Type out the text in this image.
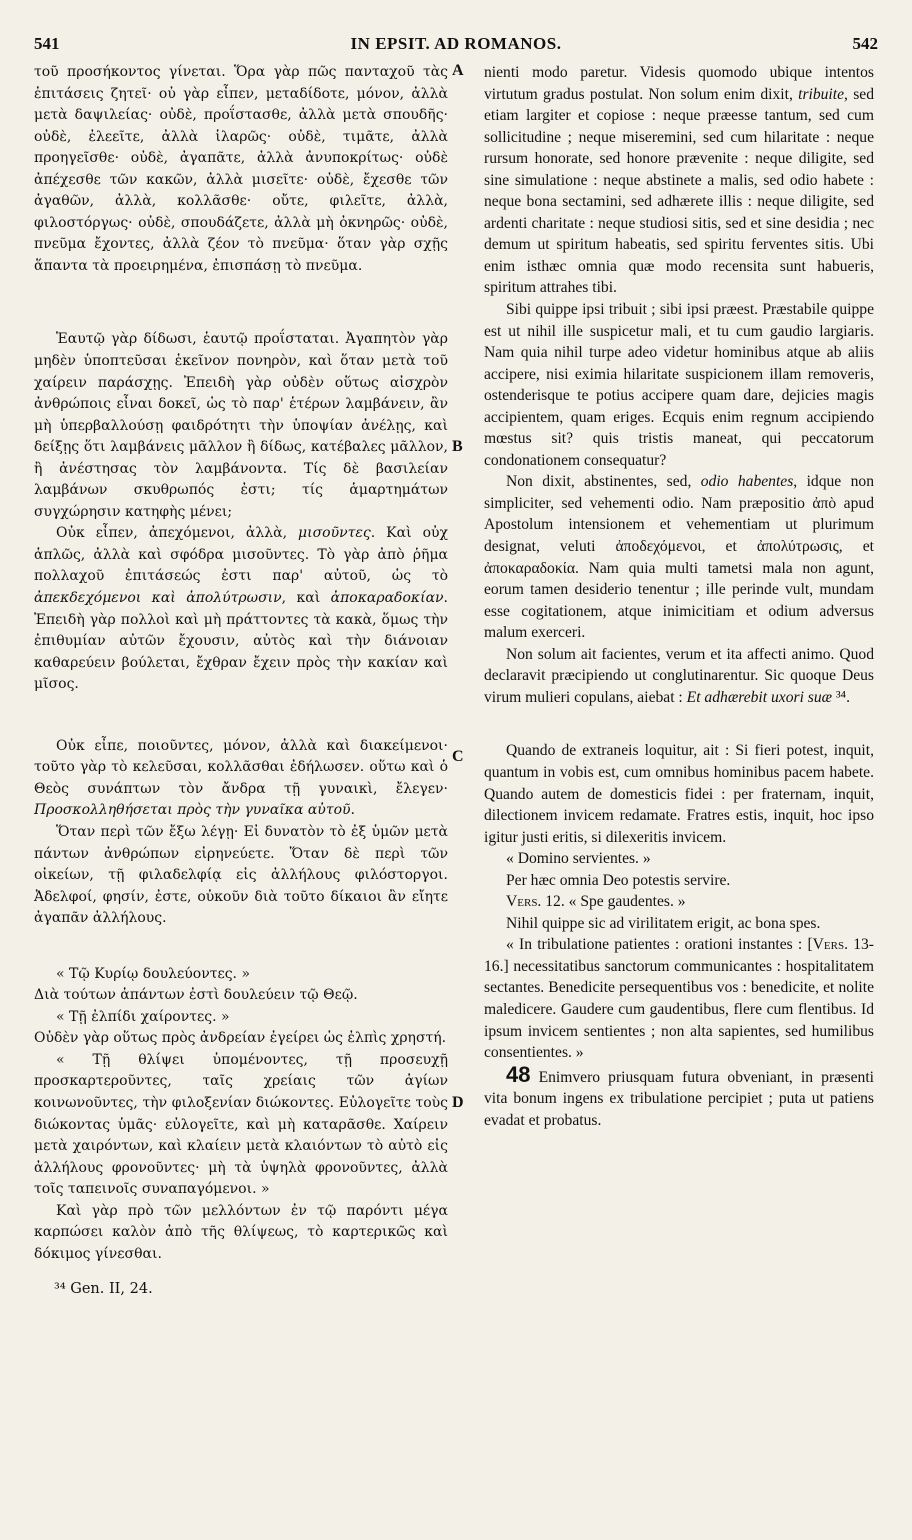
541	IN EPSIT. AD ROMANOS.	542
A
B
C
D

τοῦ προσήκοντος γίνεται. Ὅρα γὰρ πῶς πανταχοῦ τὰς ἐπιτάσεις ζητεῖ· οὐ γὰρ εἶπεν, μεταδίδοτε, μόνον, ἀλλὰ μετὰ δαψιλείας· οὐδὲ, προΐστασθε, ἀλλὰ μετὰ σπουδῆς· οὐδὲ, ἐλεεῖτε, ἀλλὰ ἱλαρῶς· οὐδὲ, τιμᾶτε, ἀλλὰ προηγεῖσθε· οὐδὲ, ἀγαπᾶτε, ἀλλὰ ἀνυποκρίτως· οὐδὲ ἀπέχεσθε τῶν κακῶν, ἀλλὰ μισεῖτε· οὐδὲ, ἔχεσθε τῶν ἀγαθῶν, ἀλλὰ, κολλᾶσθε· οὔτε, φιλεῖτε, ἀλλὰ, φιλοστόργως· οὐδὲ, σπουδάζετε, ἀλλὰ μὴ ὀκνηρῶς· οὐδὲ, πνεῦμα ἔχοντες, ἀλλὰ ζέον τὸ πνεῦμα· ὅταν γὰρ σχῇς ἅπαντα τὰ προειρημένα, ἐπισπάσῃ τὸ πνεῦμα.

Ἑαυτῷ γὰρ δίδωσι, ἑαυτῷ προΐσταται. Ἀγαπητὸν γὰρ μηδὲν ὑποπτεῦσαι ἐκεῖνον πονηρὸν, καὶ ὅταν μετὰ τοῦ χαίρειν παράσχῃς. Ἐπειδὴ γὰρ οὐδὲν οὕτως αἰσχρὸν ἀνθρώποις εἶναι δοκεῖ, ὡς τὸ παρ' ἑτέρων λαμβάνειν, ἂν μὴ ὑπερβαλλούσῃ φαιδρότητι τὴν ὑποψίαν ἀνέλῃς, καὶ δείξῃς ὅτι λαμβάνεις μᾶλλον ἢ δίδως, κατέβαλες μᾶλλον, ἢ ἀνέστησας τὸν λαμβάνοντα. Τίς δὲ βασιλείαν λαμβάνων σκυθρωπός ἐστι; τίς ἁμαρτημάτων συγχώρησιν κατηφὴς μένει;

Οὐκ εἶπεν, ἀπεχόμενοι, ἀλλὰ, μισοῦντες. Καὶ οὐχ ἁπλῶς, ἀλλὰ καὶ σφόδρα μισοῦντες. Τὸ γὰρ ἀπὸ ῥῆμα πολλαχοῦ ἐπιτάσεώς ἐστι παρ' αὐτοῦ, ὡς τὸ ἀπεκδεχόμενοι καὶ ἀπολύτρωσιν, καὶ ἀποκαραδοκίαν. Ἐπειδὴ γὰρ πολλοὶ καὶ μὴ πράττοντες τὰ κακὰ, ὅμως τὴν ἐπιθυμίαν αὐτῶν ἔχουσιν, αὐτὸς καὶ τὴν διάνοιαν καθαρεύειν βούλεται, ἔχθραν ἔχειν πρὸς τὴν κακίαν καὶ μῖσος.

Οὐκ εἶπε, ποιοῦντες, μόνον, ἀλλὰ καὶ διακείμενοι· τοῦτο γὰρ τὸ κελεῦσαι, κολλᾶσθαι ἐδήλωσεν. οὕτω καὶ ὁ Θεὸς συνάπτων τὸν ἄνδρα τῇ γυναικὶ, ἔλεγεν· Προσκολληθήσεται πρὸς τὴν γυναῖκα αὐτοῦ.

Ὅταν περὶ τῶν ἔξω λέγῃ· Εἰ δυνατὸν τὸ ἐξ ὑμῶν μετὰ πάντων ἀνθρώπων εἰρηνεύετε. Ὅταν δὲ περὶ τῶν οἰκείων, τῇ φιλαδελφίᾳ εἰς ἀλλήλους φιλόστοργοι. Ἀδελφοί, φησίν, ἐστε, οὐκοῦν διὰ τοῦτο δίκαιοι ἂν εἴητε ἀγαπᾶν ἀλλήλους.

« Τῷ Κυρίῳ δουλεύοντες. »

Διὰ τούτων ἁπάντων ἐστὶ δουλεύειν τῷ Θεῷ.

« Τῇ ἐλπίδι χαίροντες. »

Οὐδὲν γὰρ οὕτως πρὸς ἀνδρείαν ἐγείρει ὡς ἐλπὶς χρηστή.

« Τῇ θλίψει ὑπομένοντες, τῇ προσευχῇ προσκαρτεροῦντες, ταῖς χρείαις τῶν ἁγίων κοινωνοῦντες, τὴν φιλοξενίαν διώκοντες. Εὐλογεῖτε τοὺς διώκοντας ὑμᾶς· εὐλογεῖτε, καὶ μὴ καταρᾶσθε. Χαίρειν μετὰ χαιρόντων, καὶ κλαίειν μετὰ κλαιόντων τὸ αὐτὸ εἰς ἀλλήλους φρονοῦντες· μὴ τὰ ὑψηλὰ φρονοῦντες, ἀλλὰ τοῖς ταπεινοῖς συναπαγόμενοι. »

Καὶ γὰρ πρὸ τῶν μελλόντων ἐν τῷ παρόντι μέγα καρπώσει καλὸν ἀπὸ τῆς θλίψεως, τὸ καρτερικῶς καὶ δόκιμος γίνεσθαι.

³⁴ Gen. II, 24.

nienti modo paretur. Videsis quomodo ubique intentos virtutum gradus postulat. Non solum enim dixit, tribuite, sed etiam largiter et copiose : neque præesse tantum, sed cum sollicitudine ; neque miseremini, sed cum hilaritate : neque rursum honorate, sed honore prævenite : neque diligite, sed sine simulatione : neque abstinete a malis, sed odio habete : neque bona sectamini, sed adhærete illis : neque diligite, sed ardenti charitate : neque studiosi sitis, sed et sine desidia ; nec demum ut spiritum habeatis, sed spiritu ferventes sitis. Ubi enim isthæc omnia quæ modo recensita sunt habueris, spiritum attrahes tibi.

Sibi quippe ipsi tribuit ; sibi ipsi præest. Præstabile quippe est ut nihil ille suspicetur mali, et tu cum gaudio largiaris. Nam quia nihil turpe adeo videtur hominibus atque ab aliis accipere, nisi eximia hilaritate suspicionem illam removeris, ostenderisque te potius accipere quam dare, dejicies magis accipientem, quam eriges. Ecquis enim regnum accipiendo mœstus sit? quis tristis maneat, qui peccatorum condonationem consequatur?

Non dixit, abstinentes, sed, odio habentes, idque non simpliciter, sed vehementi odio. Nam præpositio ἀπὸ apud Apostolum intensionem et vehementiam ut plurimum designat, veluti ἀποδεχόμενοι, et ἀπολύτρωσις, et ἀποκαραδοκία. Nam quia multi tametsi mala non agunt, eorum tamen desiderio tenentur ; ille perinde vult, mundam esse cogitationem, atque inimicitiam et odium adversus malum exerceri.

Non solum ait facientes, verum et ita affecti animo. Quod declaravit præcipiendo ut conglutinarentur. Sic quoque Deus virum mulieri copulans, aiebat : Et adhærebit uxori suæ ³⁴.

Quando de extraneis loquitur, ait : Si fieri potest, inquit, quantum in vobis est, cum omnibus hominibus pacem habete. Quando autem de domesticis fidei : per fraternam, inquit, dilectionem invicem redamate. Fratres estis, inquit, hoc ipso igitur justi eritis, si dilexeritis invicem.

« Domino servientes. »

Per hæc omnia Deo potestis servire.

Vers. 12. « Spe gaudentes. »

Nihil quippe sic ad virilitatem erigit, ac bona spes.

« In tribulatione patientes : orationi instantes : [Vers. 13-16.] necessitatibus sanctorum communicantes : hospitalitatem sectantes. Benedicite persequentibus vos : benedicite, et nolite maledicere. Gaudere cum gaudentibus, flere cum flentibus. Id ipsum invicem sentientes ; non alta sapientes, sed humilibus consentientes. »

48 Enimvero priusquam futura obveniant, in præsenti vita bonum ingens ex tribulatione percipiet ; puta ut patiens evadat et probatus.
